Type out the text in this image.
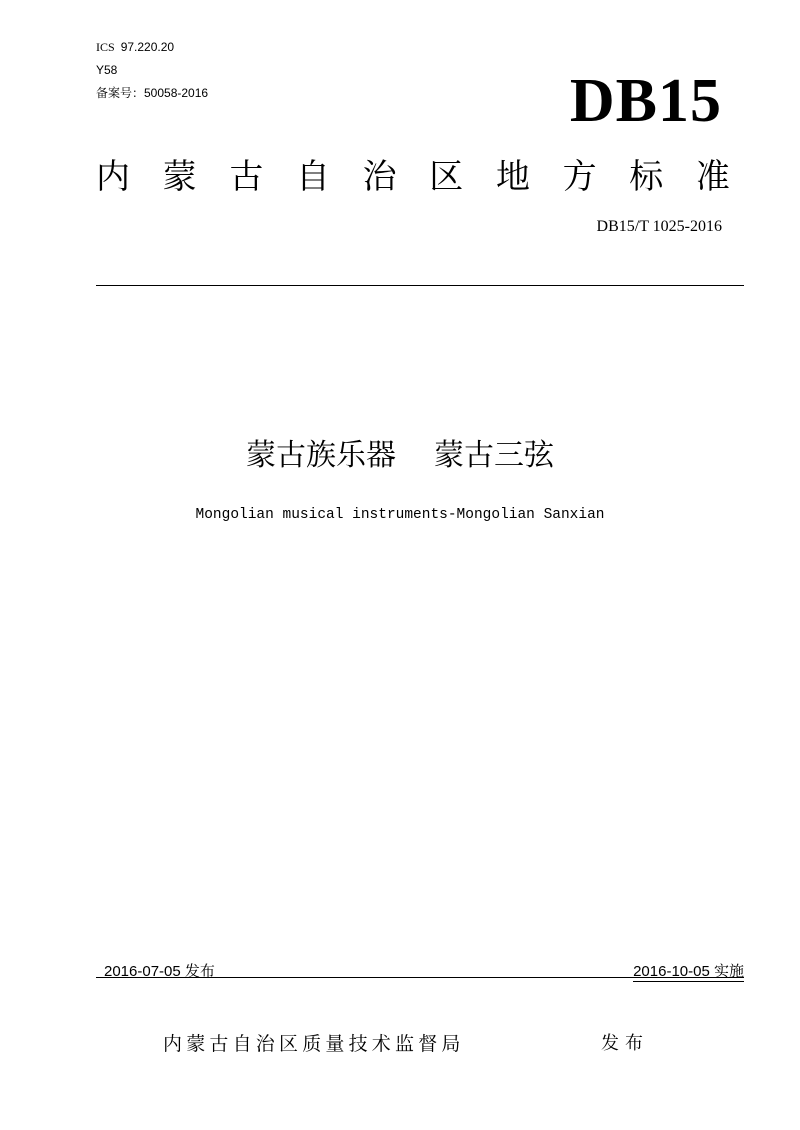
ICS 97.220.20
Y58
备案号：50058-2016	DB15
内 蒙 古 自 治 区 地 方 标 准
DB15/T 1025-2016
蒙古族乐器 蒙古三弦
Mongolian musical instruments-Mongolian Sanxian
2016-07-05 发布	2016-10-05 实施
内蒙古自治区质量技术监督局	发布
